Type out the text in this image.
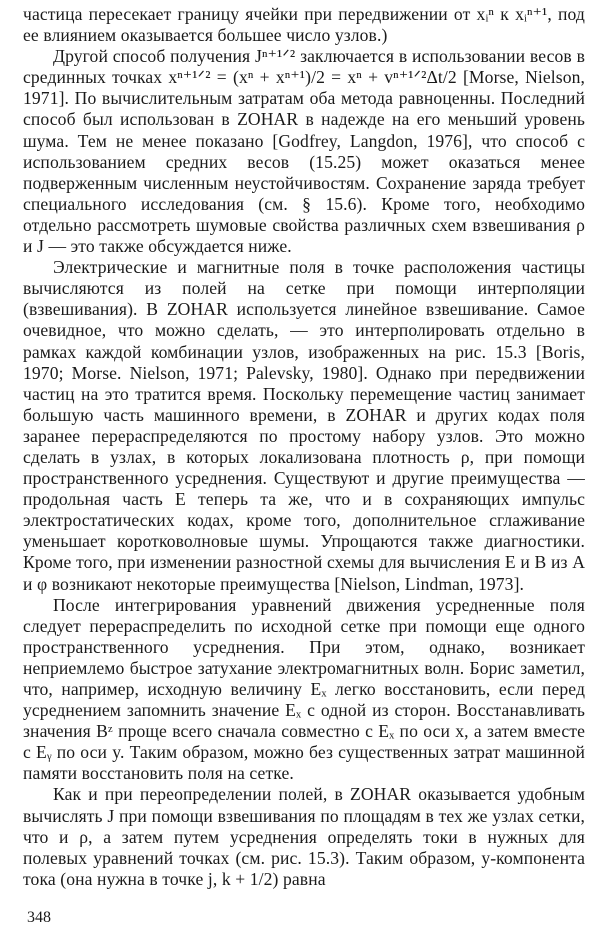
частица пересекает границу ячейки при передвижении от xᵢⁿ к xᵢⁿ⁺¹, под ее влиянием оказывается большее число узлов.)

Другой способ получения Jⁿ⁺¹ᐟ² заключается в использовании весов в срединных точках xⁿ⁺¹ᐟ² = (xⁿ + xⁿ⁺¹)/2 = xⁿ + vⁿ⁺¹ᐟ²Δt/2 [Morse, Nielson, 1971]. По вычислительным затратам оба метода равноценны. Последний способ был использован в ZOHAR в надежде на его меньший уровень шума. Тем не менее показано [Godfrey, Langdon, 1976], что способ с использованием средних весов (15.25) может оказаться менее подверженным численным неустойчивостям. Сохранение заряда требует специального исследования (см. § 15.6). Кроме того, необходимо отдельно рассмотреть шумовые свойства различных схем взвешивания ρ и J — это также обсуждается ниже.

Электрические и магнитные поля в точке расположения частицы вычисляются из полей на сетке при помощи интерполяции (взвешивания). В ZOHAR используется линейное взвешивание. Самое очевидное, что можно сделать, — это интерполировать отдельно в рамках каждой комбинации узлов, изображенных на рис. 15.3 [Boris, 1970; Morse. Nielson, 1971; Palevsky, 1980]. Однако при передвижении частиц на это тратится время. Поскольку перемещение частиц занимает большую часть машинного времени, в ZOHAR и других кодах поля заранее перераспределяются по простому набору узлов. Это можно сделать в узлах, в которых локализована плотность ρ, при помощи пространственного усреднения. Существуют и другие преимущества — продольная часть E теперь та же, что и в сохраняющих импульс электростатических кодах, кроме того, дополнительное сглаживание уменьшает коротковолновые шумы. Упрощаются также диагностики. Кроме того, при изменении разностной схемы для вычисления E и B из A и φ возникают некоторые преимущества [Nielson, Lindman, 1973].

После интегрирования уравнений движения усредненные поля следует перераспределить по исходной сетке при помощи еще одного пространственного усреднения. При этом, однако, возникает неприемлемо быстрое затухание электромагнитных волн. Борис заметил, что, например, исходную величину Eₓ легко восстановить, если перед усреднением запомнить значение Eₓ с одной из сторон. Восстанавливать значения Bᶻ проще всего сначала совместно с Eₓ по оси x, а затем вместе с Eᵧ по оси y. Таким образом, можно без существенных затрат машинной памяти восстановить поля на сетке.

Как и при переопределении полей, в ZOHAR оказывается удобным вычислять J при помощи взвешивания по площадям в тех же узлах сетки, что и ρ, а затем путем усреднения определять токи в нужных для полевых уравнений точках (см. рис. 15.3). Таким образом, y-компонента тока (она нужна в точке j, k + 1/2) равна

348
